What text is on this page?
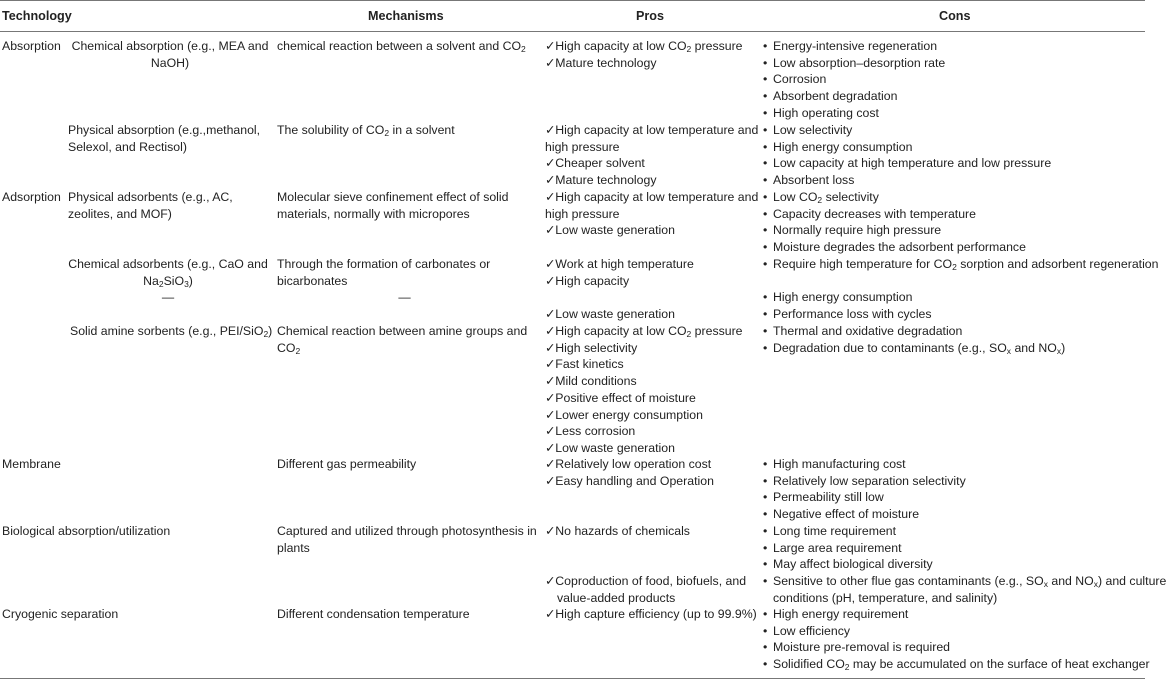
Technology	Mechanisms	Pros	Cons
Absorption Chemical absorption (e.g., MEA and
NaOH)
chemical reaction between a solvent and $CO_2$ ✓High capacity at low $CO_2$ pressure
✓Mature technology
• Energy-intensive regeneration
• Low absorption–desorption rate
• Corrosion
• Absorbent degradation
• High operating cost
Physical absorption (e.g.,methanol,
Selexol, and Rectisol)
The solubility of $CO_2$ in a solvent	✓High capacity at low temperature and
high pressure
✓Cheaper solvent
✓Mature technology
• Low selectivity
• High energy consumption
• Low capacity at high temperature and low pressure
• Absorbent loss
Adsorption Physical adsorbents (e.g., AC,
zeolites, and MOF)
Molecular sieve confinement effect of solid
materials, normally with micropores
✓High capacity at low temperature and
high pressure
✓Low waste generation
• Low $CO_2$ selectivity
• Capacity decreases with temperature
• Normally require high pressure
• Moisture degrades the adsorbent performance
Chemical adsorbents (e.g., CaO and
$Na_2SiO_3$)
—
Through the formation of carbonates or
bicarbonates
—
✓Work at high temperature
✓High capacity

✓Low waste generation
• Require high temperature for $CO_2$ sorption and adsorbent regeneration

• High energy consumption
• Performance loss with cycles
Solid amine sorbents (e.g., PEI/SiO$_2$) Chemical reaction between amine groups and
$CO_2$
✓High capacity at low $CO_2$ pressure
✓High selectivity
✓Fast kinetics
✓Mild conditions
✓Positive effect of moisture
✓Lower energy consumption
✓Less corrosion
✓Low waste generation
• Thermal and oxidative degradation
• Degradation due to contaminants (e.g., $SO_x$ and $NO_x$)
Membrane	Different gas permeability	✓Relatively low operation cost
✓Easy handling and Operation
• High manufacturing cost
• Relatively low separation selectivity
• Permeability still low
• Negative effect of moisture
Biological absorption/utilization	Captured and utilized through photosynthesis in
plants
✓No hazards of chemicals

✓Coproduction of food, biofuels, and
value-added products
• Long time requirement
• Large area requirement
• May affect biological diversity
• Sensitive to other flue gas contaminants (e.g., $SO_x$ and $NO_x$) and culture
conditions (pH, temperature, and salinity)
Cryogenic separation	Different condensation temperature	✓High capture efficiency (up to 99.9%)
•	High energy requirement
• Low efficiency
• Moisture pre-removal is required
• Solidified $CO_2$ may be accumulated on the surface of heat exchanger
